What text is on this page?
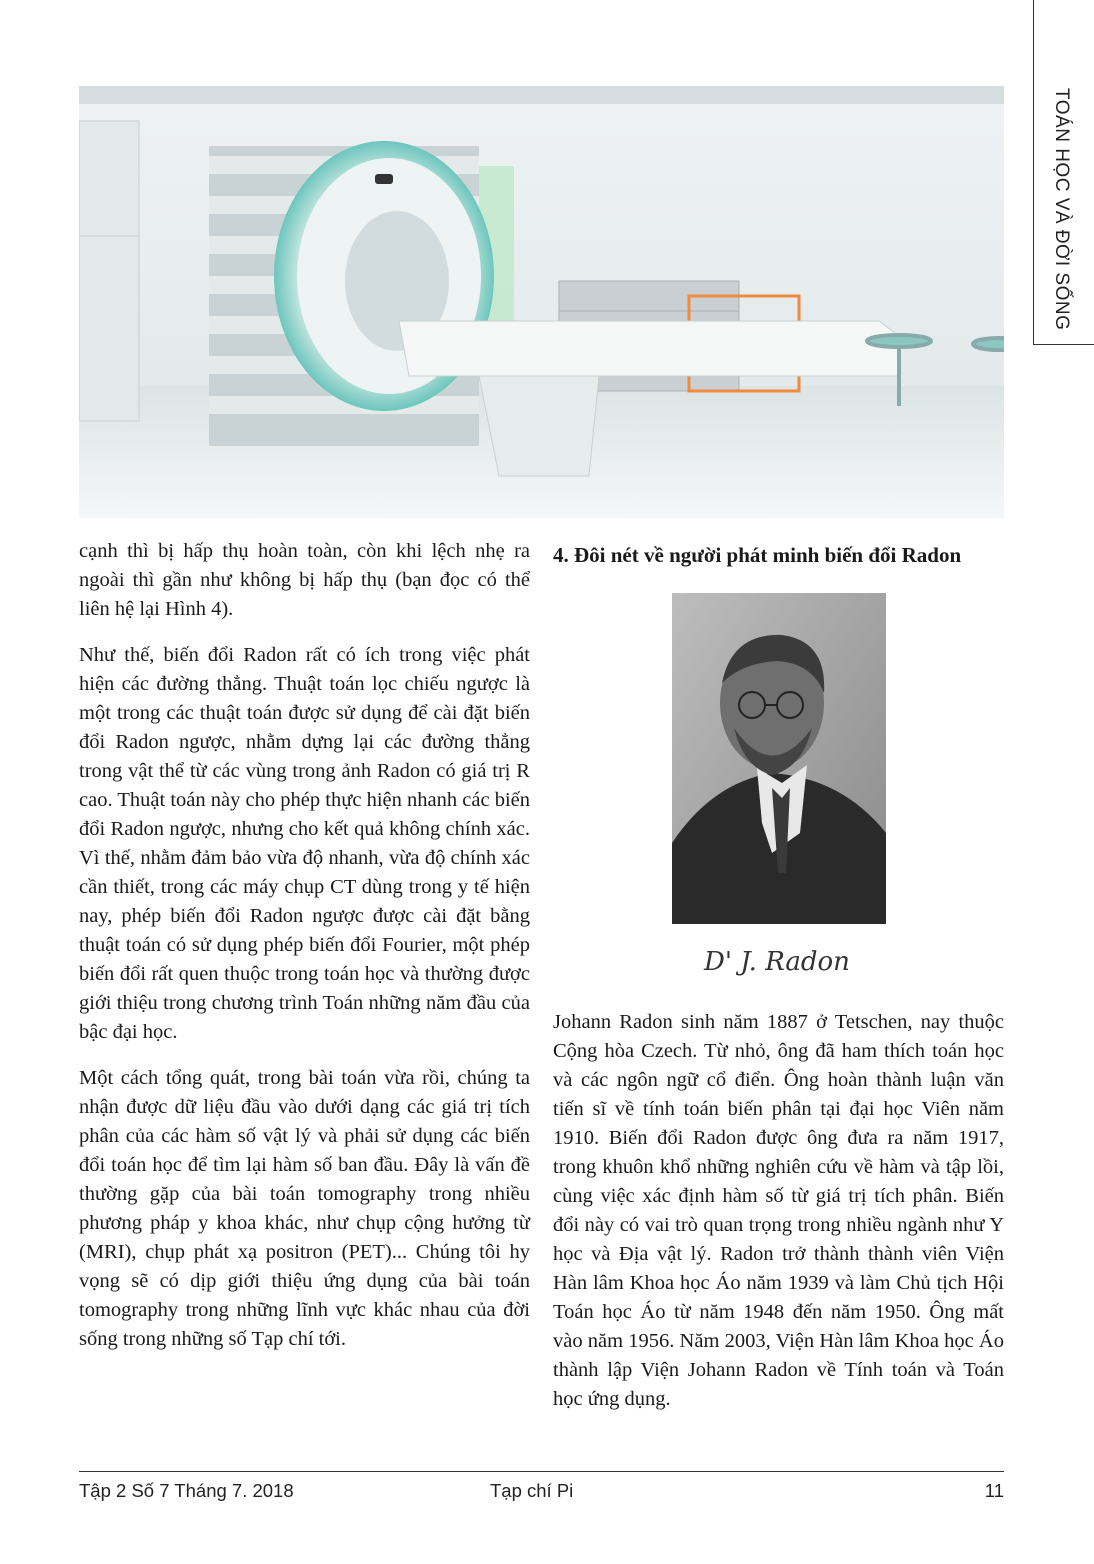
TOÁN HỌC VÀ ĐỜI SỐNG

cạnh thì bị hấp thụ hoàn toàn, còn khi lệch nhẹ ra ngoài thì gần như không bị hấp thụ (bạn đọc có thể liên hệ lại Hình 4).

Như thế, biến đổi Radon rất có ích trong việc phát hiện các đường thẳng. Thuật toán lọc chiếu ngược là một trong các thuật toán được sử dụng để cài đặt biến đổi Radon ngược, nhằm dựng lại các đường thẳng trong vật thể từ các vùng trong ảnh Radon có giá trị R cao. Thuật toán này cho phép thực hiện nhanh các biến đổi Radon ngược, nhưng cho kết quả không chính xác. Vì thế, nhằm đảm bảo vừa độ nhanh, vừa độ chính xác cần thiết, trong các máy chụp CT dùng trong y tế hiện nay, phép biến đổi Radon ngược được cài đặt bằng thuật toán có sử dụng phép biến đổi Fourier, một phép biến đổi rất quen thuộc trong toán học và thường được giới thiệu trong chương trình Toán những năm đầu của bậc đại học.

Một cách tổng quát, trong bài toán vừa rồi, chúng ta nhận được dữ liệu đầu vào dưới dạng các giá trị tích phân của các hàm số vật lý và phải sử dụng các biến đổi toán học để tìm lại hàm số ban đầu. Đây là vấn đề thường gặp của bài toán tomography trong nhiều phương pháp y khoa khác, như chụp cộng hưởng từ (MRI), chụp phát xạ positron (PET)... Chúng tôi hy vọng sẽ có dịp giới thiệu ứng dụng của bài toán tomography trong những lĩnh vực khác nhau của đời sống trong những số Tạp chí tới.

4. Đôi nét về người phát minh biến đổi Radon
D' J. Radon

Johann Radon sinh năm 1887 ở Tetschen, nay thuộc Cộng hòa Czech. Từ nhỏ, ông đã ham thích toán học và các ngôn ngữ cổ điển. Ông hoàn thành luận văn tiến sĩ về tính toán biến phân tại đại học Viên năm 1910. Biến đổi Radon được ông đưa ra năm 1917, trong khuôn khổ những nghiên cứu về hàm và tập lồi, cùng việc xác định hàm số từ giá trị tích phân. Biến đổi này có vai trò quan trọng trong nhiều ngành như Y học và Địa vật lý. Radon trở thành thành viên Viện Hàn lâm Khoa học Áo năm 1939 và làm Chủ tịch Hội Toán học Áo từ năm 1948 đến năm 1950. Ông mất vào năm 1956. Năm 2003, Viện Hàn lâm Khoa học Áo thành lập Viện Johann Radon về Tính toán và Toán học ứng dụng.

Tập 2 Số 7 Tháng 7. 2018	Tạp chí Pi	11
